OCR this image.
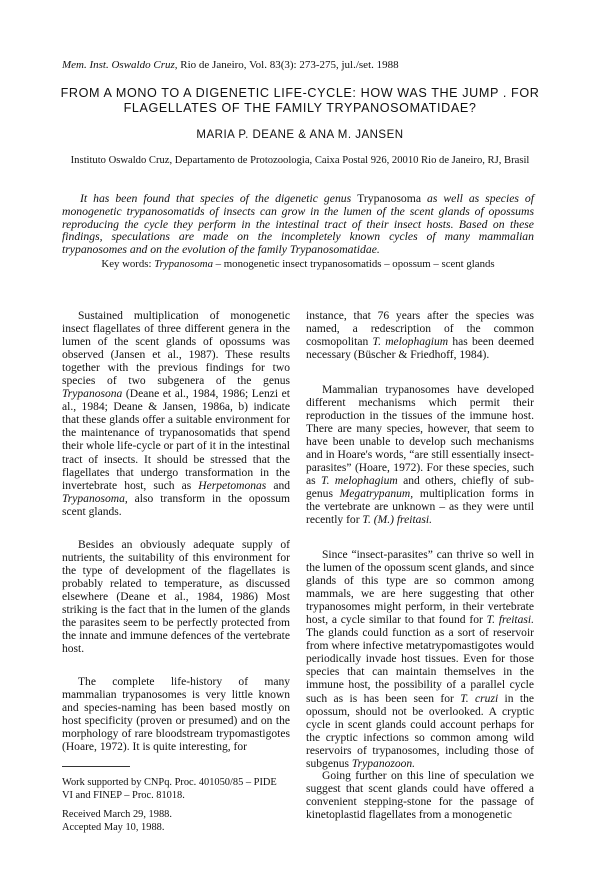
Mem. Inst. Oswaldo Cruz, Rio de Janeiro, Vol. 83(3): 273-275, jul./set. 1988
FROM A MONO TO A DIGENETIC LIFE-CYCLE: HOW WAS THE JUMP . FOR
FLAGELLATES OF THE FAMILY TRYPANOSOMATIDAE?
MARIA P. DEANE & ANA M. JANSEN
Instituto Oswaldo Cruz, Departamento de Protozoologia, Caixa Postal 926, 20010 Rio de Janeiro, RJ, Brasil
It has been found that species of the digenetic genus Trypanosoma as well as species of monogenetic trypanosomatids of insects can grow in the lumen of the scent glands of opossums reproducing the cycle they perform in the intestinal tract of their insect hosts. Based on these findings, speculations are made on the incompletely known cycles of many mammalian trypanosomes and on the evolution of the family Trypanosomatidae.
Key words: Trypanosoma – monogenetic insect trypanosomatids – opossum – scent glands

Sustained multiplication of monogenetic insect flagellates of three different genera in the lumen of the scent glands of opossums was observed (Jansen et al., 1987). These results together with the previous findings for two species of two subgenera of the genus Trypanosona (Deane et al., 1984, 1986; Lenzi et al., 1984; Deane & Jansen, 1986a, b) indicate that these glands offer a suitable environment for the maintenance of trypanosomatids that spend their whole life-cycle or part of it in the intestinal tract of insects. It should be stressed that the flagellates that undergo transformation in the invertebrate host, such as Herpetomonas and Trypanosoma, also transform in the opossum scent glands.

Besides an obviously adequate supply of nutrients, the suitability of this environment for the type of development of the flagellates is probably related to temperature, as discussed elsewhere (Deane et al., 1984, 1986) Most striking is the fact that in the lumen of the glands the parasites seem to be perfectly protected from the innate and immune defences of the vertebrate host.

The complete life-history of many mammalian trypanosomes is very little known and species-naming has been based mostly on host specificity (proven or presumed) and on the morphology of rare bloodstream trypomastigotes (Hoare, 1972). It is quite interesting, for

instance, that 76 years after the species was named, a redescription of the common cosmopolitan T. melophagium has been deemed necessary (Büscher & Friedhoff, 1984).

Mammalian trypanosomes have developed different mechanisms which permit their reproduction in the tissues of the immune host. There are many species, however, that seem to have been unable to develop such mechanisms and in Hoare's words, “are still essentially insect-parasites” (Hoare, 1972). For these species, such as T. melophagium and others, chiefly of sub-genus Megatrypanum, multiplication forms in the vertebrate are unknown – as they were until recently for T. (M.) freitasi.

Since “insect-parasites” can thrive so well in the lumen of the opossum scent glands, and since glands of this type are so common among mammals, we are here suggesting that other trypanosomes might perform, in their vertebrate host, a cycle similar to that found for T. freitasi. The glands could function as a sort of reservoir from where infective metatrypomastigotes would periodically invade host tissues. Even for those species that can maintain themselves in the immune host, the possibility of a parallel cycle such as is has been seen for T. cruzi in the opossum, should not be overlooked. A cryptic cycle in scent glands could account perhaps for the cryptic infections so common among wild reservoirs of trypanosomes, including those of subgenus Trypanozoon.

Going further on this line of speculation we suggest that scent glands could have offered a convenient stepping-stone for the passage of kinetoplastid flagellates from a monogenetic

Work supported by CNPq. Proc. 401050/85 – PIDE VI and FINEP – Proc. 81018.
Received March 29, 1988.
Accepted May 10, 1988.
